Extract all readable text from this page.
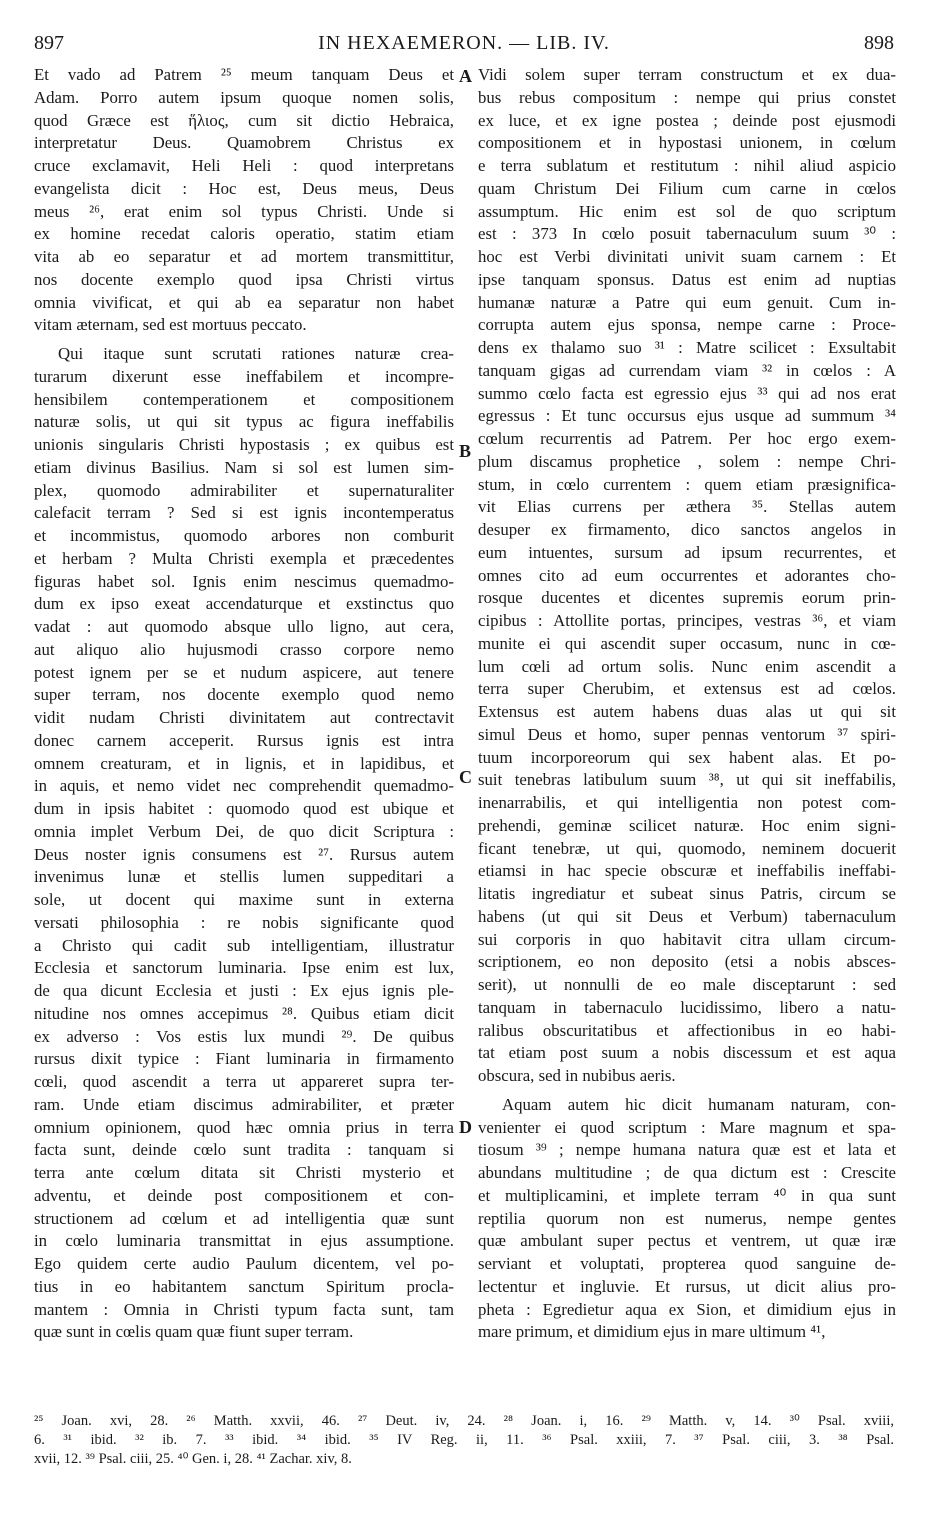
897	IN HEXAEMERON. — LIB. IV.	898
Et vado ad Patrem ²⁵ meum tanquam Deus et
Adam. Porro autem ipsum quoque nomen solis,
quod Græce est ἥλιος, cum sit dictio Hebraica,
interpretatur Deus. Quamobrem Christus ex
cruce exclamavit, Heli Heli : quod interpretans
evangelista dicit : Hoc est, Deus meus, Deus
meus ²⁶, erat enim sol typus Christi. Unde si
ex homine recedat caloris operatio, statim etiam
vita ab eo separatur et ad mortem transmittitur,
nos docente exemplo quod ipsa Christi virtus
omnia vivificat, et qui ab ea separatur non habet
vitam æternam, sed est mortuus peccato.
Qui itaque sunt scrutati rationes naturæ crea-
turarum dixerunt esse ineffabilem et incompre-
hensibilem contemperationem et compositionem
naturæ solis, ut qui sit typus ac figura ineffabilis
unionis singularis Christi hypostasis ; ex quibus est
etiam divinus Basilius. Nam si sol est lumen sim-
plex, quomodo admirabiliter et supernaturaliter
calefacit terram ? Sed si est ignis incontemperatus
et incommistus, quomodo arbores non comburit
et herbam ? Multa Christi exempla et præcedentes
figuras habet sol. Ignis enim nescimus quemadmo-
dum ex ipso exeat accendaturque et exstinctus quo
vadat : aut quomodo absque ullo ligno, aut cera,
aut aliquo alio hujusmodi crasso corpore nemo
potest ignem per se et nudum aspicere, aut tenere
super terram, nos docente exemplo quod nemo
vidit nudam Christi divinitatem aut contrectavit
donec carnem acceperit. Rursus ignis est intra
omnem creaturam, et in lignis, et in lapidibus, et
in aquis, et nemo videt nec comprehendit quemadmo-
dum in ipsis habitet : quomodo quod est ubique et
omnia implet Verbum Dei, de quo dicit Scriptura :
Deus noster ignis consumens est ²⁷. Rursus autem
invenimus lunæ et stellis lumen suppeditari a
sole, ut docent qui maxime sunt in externa
versati philosophia : re nobis significante quod
a Christo qui cadit sub intelligentiam, illustratur
Ecclesia et sanctorum luminaria. Ipse enim est lux,
de qua dicunt Ecclesia et justi : Ex ejus ignis ple-
nitudine nos omnes accepimus ²⁸. Quibus etiam dicit
ex adverso : Vos estis lux mundi ²⁹. De quibus
rursus dixit typice : Fiant luminaria in firmamento
cœli, quod ascendit a terra ut appareret supra ter-
ram. Unde etiam discimus admirabiliter, et præter
omnium opinionem, quod hæc omnia prius in terra
facta sunt, deinde cœlo sunt tradita : tanquam si
terra ante cœlum ditata sit Christi mysterio et
adventu, et deinde post compositionem et con-
structionem ad cœlum et ad intelligentia quæ sunt
in cœlo luminaria transmittat in ejus assumptione.
Ego quidem certe audio Paulum dicentem, vel po-
tius in eo habitantem sanctum Spiritum procla-
mantem : Omnia in Christi typum facta sunt, tam
quæ sunt in cœlis quam quæ fiunt super terram.
Vidi solem super terram constructum et ex dua-
bus rebus compositum : nempe qui prius constet
ex luce, et ex igne postea ; deinde post ejusmodi
compositionem et in hypostasi unionem, in cœlum
e terra sublatum et restitutum : nihil aliud aspicio
quam Christum Dei Filium cum carne in cœlos
assumptum. Hic enim est sol de quo scriptum
est : 373 In cœlo posuit tabernaculum suum ³⁰ :
hoc est Verbi divinitati univit suam carnem : Et
ipse tanquam sponsus. Datus est enim ad nuptias
humanæ naturæ a Patre qui eum genuit. Cum in-
corrupta autem ejus sponsa, nempe carne : Proce-
dens ex thalamo suo ³¹ : Matre scilicet : Exsultabit
tanquam gigas ad currendam viam ³² in cœlos : A
summo cœlo facta est egressio ejus ³³ qui ad nos erat
egressus : Et tunc occursus ejus usque ad summum ³⁴
cœlum recurrentis ad Patrem. Per hoc ergo exem-
plum discamus prophetice , solem : nempe Chri-
stum, in cœlo currentem : quem etiam præsignifica-
vit Elias currens per æthera ³⁵. Stellas autem
desuper ex firmamento, dico sanctos angelos in
eum intuentes, sursum ad ipsum recurrentes, et
omnes cito ad eum occurrentes et adorantes cho-
rosque ducentes et dicentes supremis eorum prin-
cipibus : Attollite portas, principes, vestras ³⁶, et viam
munite ei qui ascendit super occasum, nunc in cœ-
lum cœli ad ortum solis. Nunc enim ascendit a
terra super Cherubim, et extensus est ad cœlos.
Extensus est autem habens duas alas ut qui sit
simul Deus et homo, super pennas ventorum ³⁷ spiri-
tuum incorporeorum qui sex habent alas. Et po-
suit tenebras latibulum suum ³⁸, ut qui sit ineffabilis,
inenarrabilis, et qui intelligentia non potest com-
prehendi, geminæ scilicet naturæ. Hoc enim signi-
ficant tenebræ, ut qui, quomodo, neminem docuerit
etiamsi in hac specie obscuræ et ineffabilis ineffabi-
litatis ingrediatur et subeat sinus Patris, circum se
habens (ut qui sit Deus et Verbum) tabernaculum
sui corporis in quo habitavit citra ullam circum-
scriptionem, eo non deposito (etsi a nobis absces-
serit), ut nonnulli de eo male disceptarunt : sed
tanquam in tabernaculo lucidissimo, libero a natu-
ralibus obscuritatibus et affectionibus in eo habi-
tat etiam post suum a nobis discessum et est aqua
obscura, sed in nubibus aeris.
Aquam autem hic dicit humanam naturam, con-
venienter ei quod scriptum : Mare magnum et spa-
tiosum ³⁹ ; nempe humana natura quæ est et lata et
abundans multitudine ; de qua dictum est : Crescite
et multiplicamini, et implete terram ⁴⁰ in qua sunt
reptilia quorum non est numerus, nempe gentes
quæ ambulant super pectus et ventrem, ut quæ iræ
serviant et voluptati, propterea quod sanguine de-
lectentur et ingluvie. Et rursus, ut dicit alius pro-
pheta : Egredietur aqua ex Sion, et dimidium ejus in
mare primum, et dimidium ejus in mare ultimum ⁴¹,
A
B
C
D
²⁵ Joan. xvi, 28. ²⁶ Matth. xxvii, 46. ²⁷ Deut. iv, 24. ²⁸ Joan. i, 16. ²⁹ Matth. v, 14. ³⁰ Psal. xviii,
6. ³¹ ibid. ³² ib. 7. ³³ ibid. ³⁴ ibid. ³⁵ IV Reg. ii, 11. ³⁶ Psal. xxiii, 7. ³⁷ Psal. ciii, 3. ³⁸ Psal.
xvii, 12. ³⁹ Psal. ciii, 25. ⁴⁰ Gen. i, 28. ⁴¹ Zachar. xiv, 8.
